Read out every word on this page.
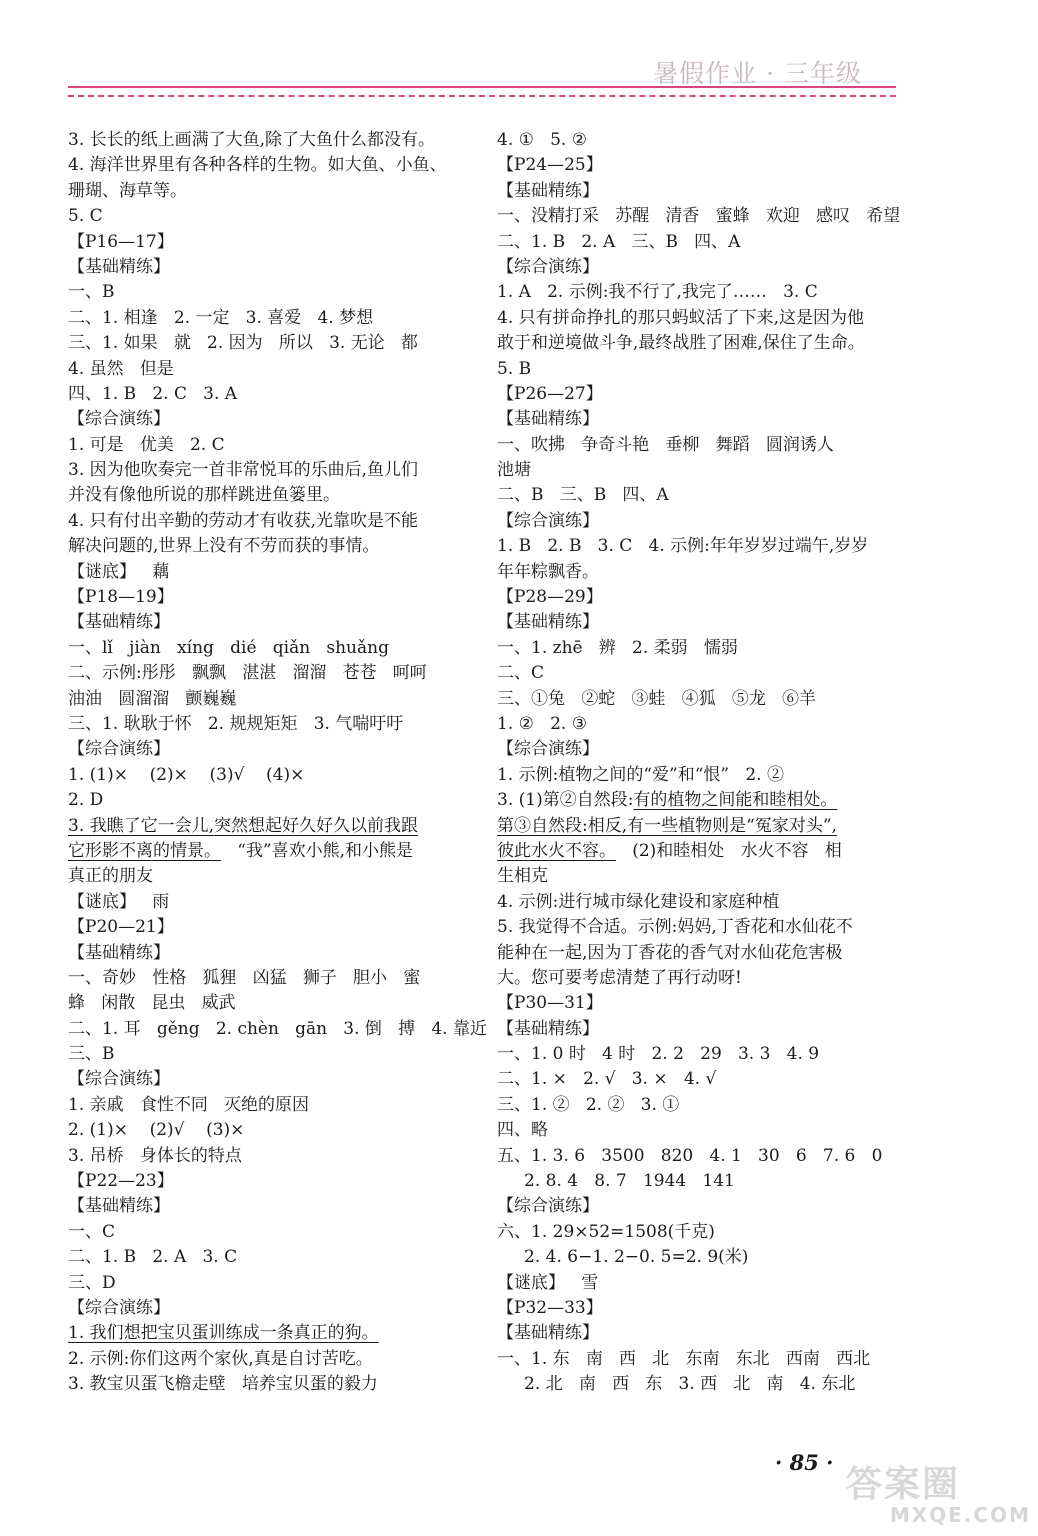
暑假作业 · 三年级
3. 长长的纸上画满了大鱼,除了大鱼什么都没有。
4. 海洋世界里有各种各样的生物。如大鱼、小鱼、
珊瑚、海草等。
5. C
【P16—17】
【基础精练】
一、B
二、1. 相逢   2. 一定   3. 喜爱   4. 梦想
三、1. 如果   就   2. 因为   所以   3. 无论   都
4. 虽然   但是
四、1. B   2. C   3. A
【综合演练】
1. 可是   优美   2. C
3. 因为他吹奏完一首非常悦耳的乐曲后,鱼儿们
并没有像他所说的那样跳进鱼篓里。
4. 只有付出辛勤的劳动才有收获,光靠吹是不能
解决问题的,世界上没有不劳而获的事情。
【谜底】   藕
【P18—19】
【基础精练】
一、lǐ   jiàn   xíng   dié   qiǎn   shuǎng
二、示例:彤彤   飘飘   湛湛   溜溜   苍苍   呵呵
油油   圆溜溜   颤巍巍
三、1. 耿耿于怀   2. 规规矩矩   3. 气喘吁吁
【综合演练】
1. (1)×    (2)×    (3)√    (4)×
2. D
3. 我瞧了它一会儿,突然想起好久好久以前我跟
它形影不离的情景。   “我”喜欢小熊,和小熊是
真正的朋友
【谜底】   雨
【P20—21】
【基础精练】
一、奇妙   性格   狐狸   凶猛   狮子   胆小   蜜
蜂   闲散   昆虫   威武
二、1. 耳   gěng   2. chèn   gān   3. 倒   搏   4. 靠近
三、B
【综合演练】
1. 亲戚   食性不同   灭绝的原因
2. (1)×    (2)√    (3)×
3. 吊桥   身体长的特点
【P22—23】
【基础精练】
一、C
二、1. B   2. A   3. C
三、D
【综合演练】
1. 我们想把宝贝蛋训练成一条真正的狗。
2. 示例:你们这两个家伙,真是自讨苦吃。
3. 教宝贝蛋飞檐走壁   培养宝贝蛋的毅力
4. ①   5. ②
【P24—25】
【基础精练】
一、没精打采   苏醒   清香   蜜蜂   欢迎   感叹   希望
二、1. B   2. A   三、B   四、A
【综合演练】
1. A   2. 示例:我不行了,我完了……   3. C
4. 只有拼命挣扎的那只蚂蚁活了下来,这是因为他
敢于和逆境做斗争,最终战胜了困难,保住了生命。
5. B
【P26—27】
【基础精练】
一、吹拂   争奇斗艳   垂柳   舞蹈   圆润诱人
池塘
二、B   三、B   四、A
【综合演练】
1. B   2. B   3. C   4. 示例:年年岁岁过端午,岁岁
年年粽飘香。
【P28—29】
【基础精练】
一、1. zhē   辨   2. 柔弱   懦弱
二、C
三、①兔   ②蛇   ③蛙   ④狐   ⑤龙   ⑥羊
1. ②   2. ③
【综合演练】
1. 示例:植物之间的“爱”和“恨”   2. ②
3. (1)第②自然段:有的植物之间能和睦相处。
第③自然段:相反,有一些植物则是“冤家对头”,
彼此水火不容。   (2)和睦相处   水火不容   相
生相克
4. 示例:进行城市绿化建设和家庭种植
5. 我觉得不合适。示例:妈妈,丁香花和水仙花不
能种在一起,因为丁香花的香气对水仙花危害极
大。您可要考虑清楚了再行动呀!
【P30—31】
【基础精练】
一、1. 0 时   4 时   2. 2   29   3. 3   4. 9
二、1. ×   2. √   3. ×   4. √
三、1. ②   2. ②   3. ①
四、略
五、1. 3. 6   3500   820   4. 1   30   6   7. 6   0
2. 8. 4   8. 7   1944   141
【综合演练】
六、1. 29×52=1508(千克)
2. 4. 6−1. 2−0. 5=2. 9(米)
【谜底】   雪
【P32—33】
【基础精练】
一、1. 东   南   西   北   东南   东北   西南   西北
2. 北   南   西   东   3. 西   北   南   4. 东北
· 85 ·
答案圈
MXQE.COM
